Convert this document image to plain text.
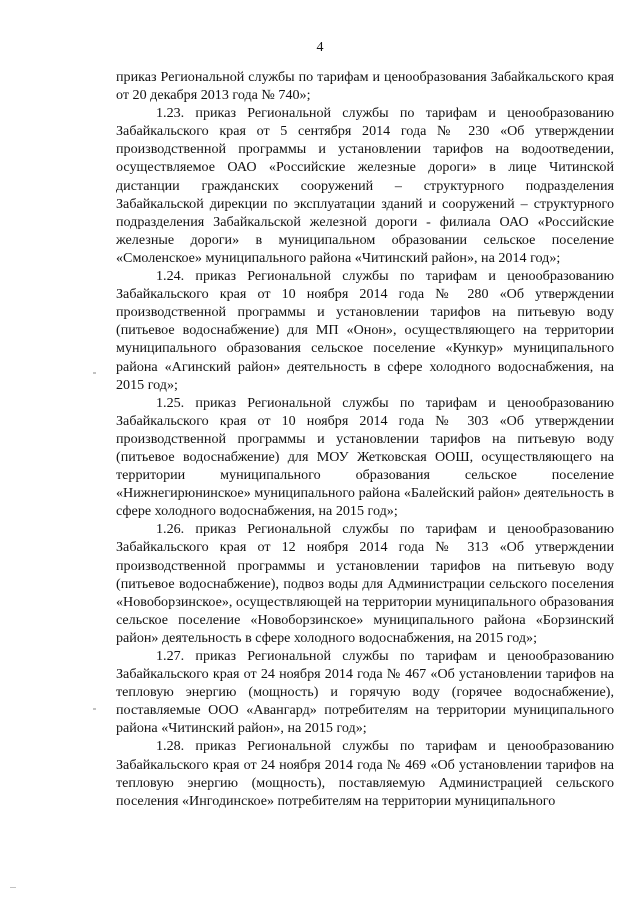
4

приказ Региональной службы по тарифам и ценообразования Забайкальского края от 20 декабря 2013 года № 740»;

1.23. приказ Региональной службы по тарифам и ценообразованию Забайкальского края от 5 сентября 2014 года № 230 «Об утверждении производственной программы и установлении тарифов на водоотведении, осуществляемое ОАО «Российские железные дороги» в лице Читинской дистанции гражданских сооружений – структурного подразделения Забайкальской дирекции по эксплуатации зданий и сооружений – структурного подразделения Забайкальской железной дороги - филиала ОАО «Российские железные дороги» в муниципальном образовании сельское поселение «Смоленское» муниципального района «Читинский район», на 2014 год»;

1.24. приказ Региональной службы по тарифам и ценообразованию Забайкальского края от 10 ноября 2014 года № 280 «Об утверждении производственной программы и установлении тарифов на питьевую воду (питьевое водоснабжение) для МП «Онон», осуществляющего на территории муниципального образования сельское поселение «Кункур» муниципального района «Агинский район» деятельность в сфере холодного водоснабжения, на 2015 год»;

1.25. приказ Региональной службы по тарифам и ценообразованию Забайкальского края от 10 ноября 2014 года № 303 «Об утверждении производственной программы и установлении тарифов на питьевую воду (питьевое водоснабжение) для МОУ Жетковская ООШ, осуществляющего на территории муниципального образования сельское поселение «Нижнегирюнинское» муниципального района «Балейский район» деятельность в сфере холодного водоснабжения, на 2015 год»;

1.26. приказ Региональной службы по тарифам и ценообразованию Забайкальского края от 12 ноября 2014 года № 313 «Об утверждении производственной программы и установлении тарифов на питьевую воду (питьевое водоснабжение), подвоз воды для Администрации сельского поселения «Новоборзинское», осуществляющей на территории муниципального образования сельское поселение «Новоборзинское» муниципального района «Борзинский район» деятельность в сфере холодного водоснабжения, на 2015 год»;

1.27. приказ Региональной службы по тарифам и ценообразованию Забайкальского края от 24 ноября 2014 года № 467 «Об установлении тарифов на тепловую энергию (мощность) и горячую воду (горячее водоснабжение), поставляемые ООО «Авангард» потребителям на территории муниципального района «Читинский район», на 2015 год»;

1.28. приказ Региональной службы по тарифам и ценообразованию Забайкальского края от 24 ноября 2014 года № 469 «Об установлении тарифов на тепловую энергию (мощность), поставляемую Администрацией сельского поселения «Ингодинское» потребителям на территории муниципального
